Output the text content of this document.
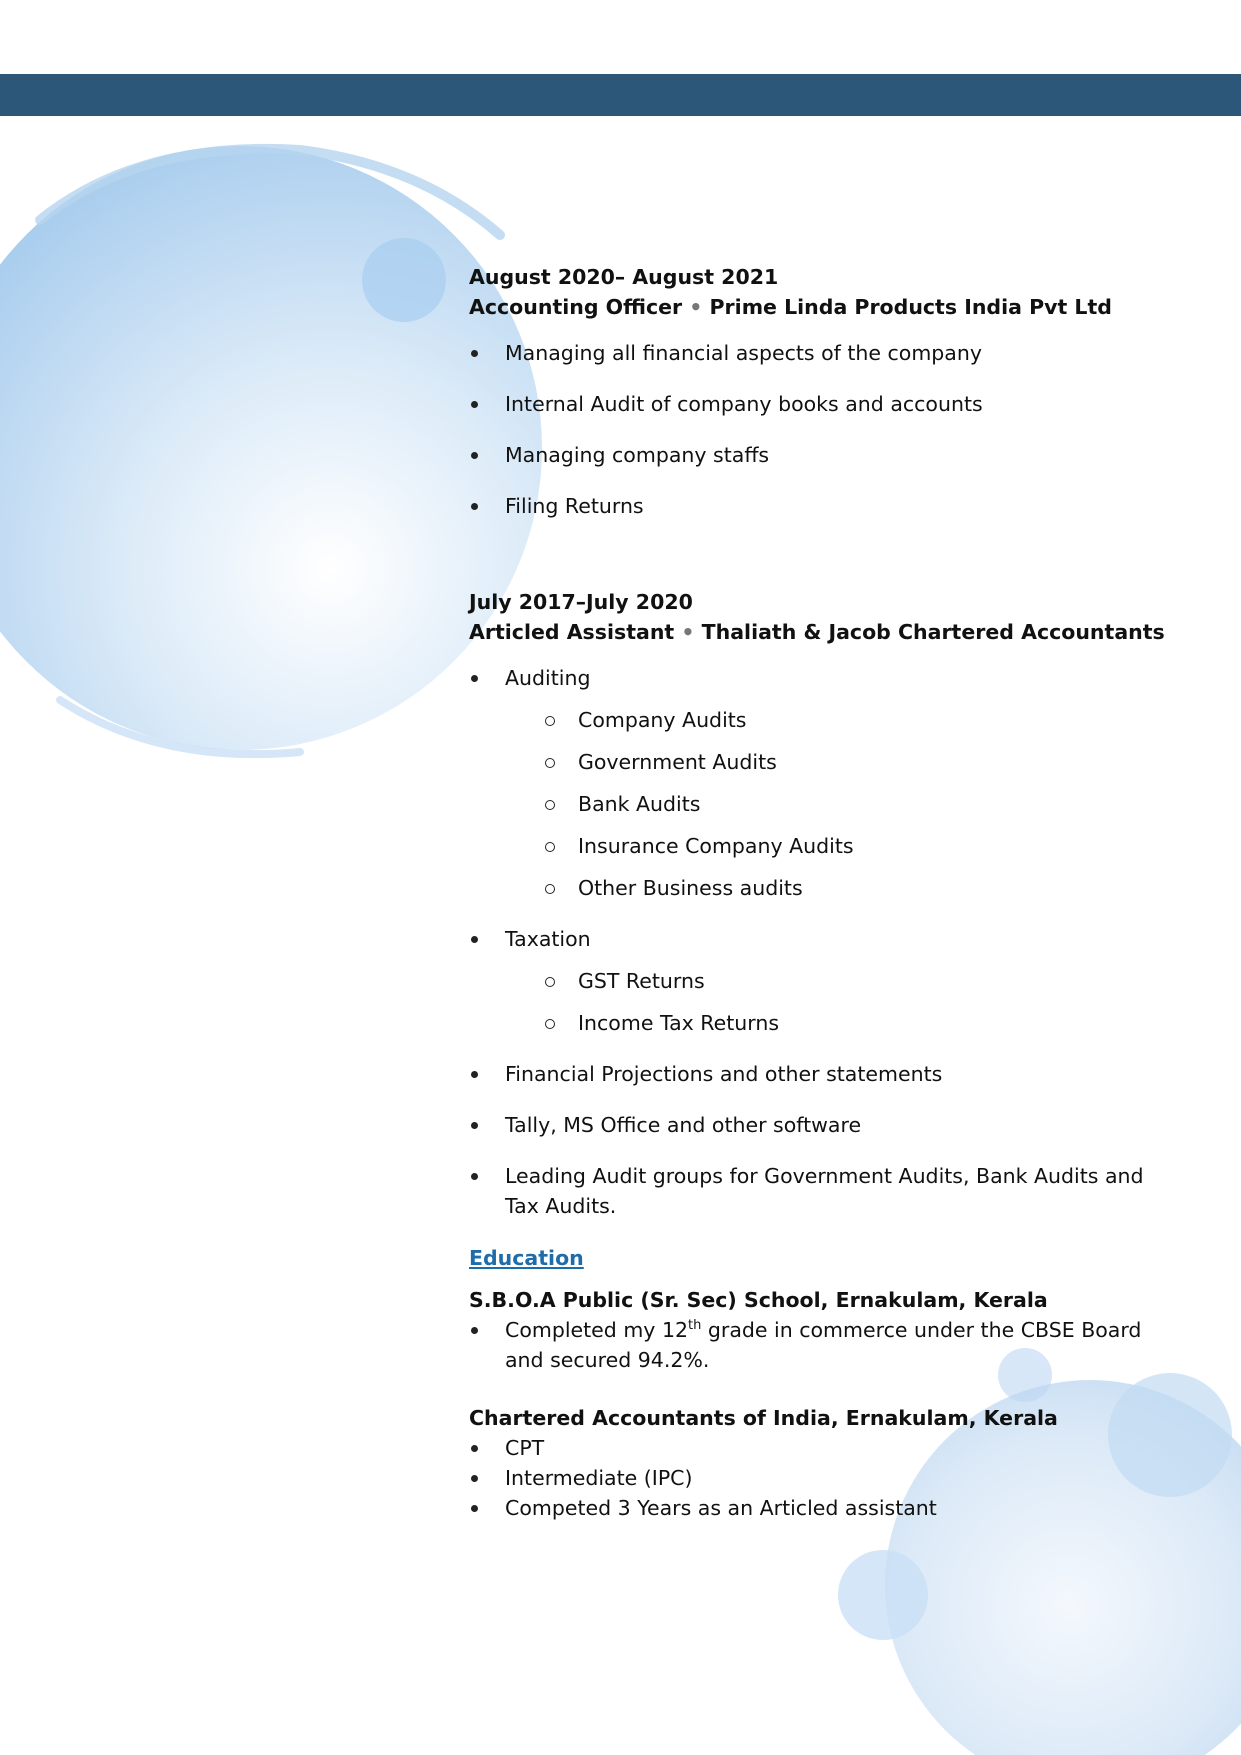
August 2020– August 2021
Accounting Officer • Prime Linda Products India Pvt Ltd
Managing all financial aspects of the company
Internal Audit of company books and accounts
Managing company staffs
Filing Returns
July 2017–July 2020
Articled Assistant • Thaliath & Jacob Chartered Accountants
Auditing
Company Audits
Government Audits
Bank Audits
Insurance Company Audits
Other Business audits
Taxation
GST Returns
Income Tax Returns
Financial Projections and other statements
Tally, MS Office and other software
Leading Audit groups for Government Audits, Bank Audits and Tax Audits.
Education
S.B.O.A Public (Sr. Sec) School, Ernakulam, Kerala
Completed my 12th grade in commerce under the CBSE Board and secured 94.2%.
Chartered Accountants of India, Ernakulam, Kerala
CPT
Intermediate (IPC)
Competed 3 Years as an Articled assistant
